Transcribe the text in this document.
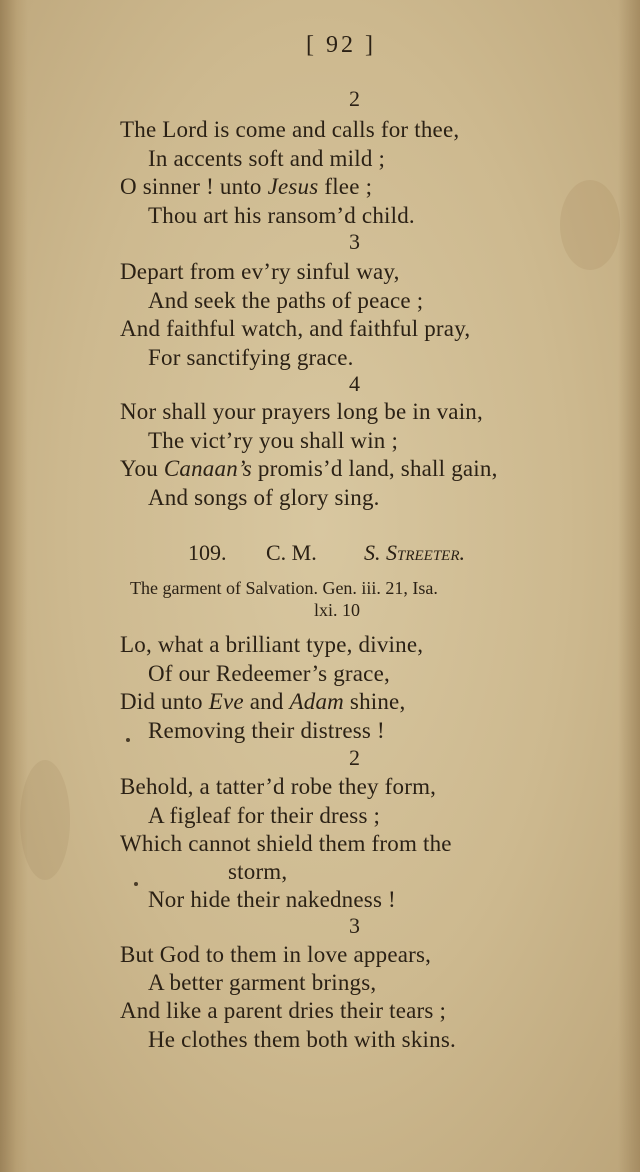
[ 92 ]
2
The Lord is come and calls for thee,
In accents soft and mild ;
O sinner ! unto Jesus flee ;
Thou art his ransom’d child.
3
Depart from ev’ry sinful way,
And seek the paths of peace ;
And faithful watch, and faithful pray,
For sanctifying grace.
4
Nor shall your prayers long be in vain,
The vict’ry you shall win ;
You Canaan’s promis’d land, shall gain,
And songs of glory sing.
109. C. M. S. Streeter.
The garment of Salvation. Gen. iii. 21, Isa.
lxi. 10
Lo, what a brilliant type, divine,
Of our Redeemer’s grace,
Did unto Eve and Adam shine,
Removing their distress !
2
Behold, a tatter’d robe they form,
A figleaf for their dress ;
Which cannot shield them from the
storm,
Nor hide their nakedness !
3
But God to them in love appears,
A better garment brings,
And like a parent dries their tears ;
He clothes them both with skins.
